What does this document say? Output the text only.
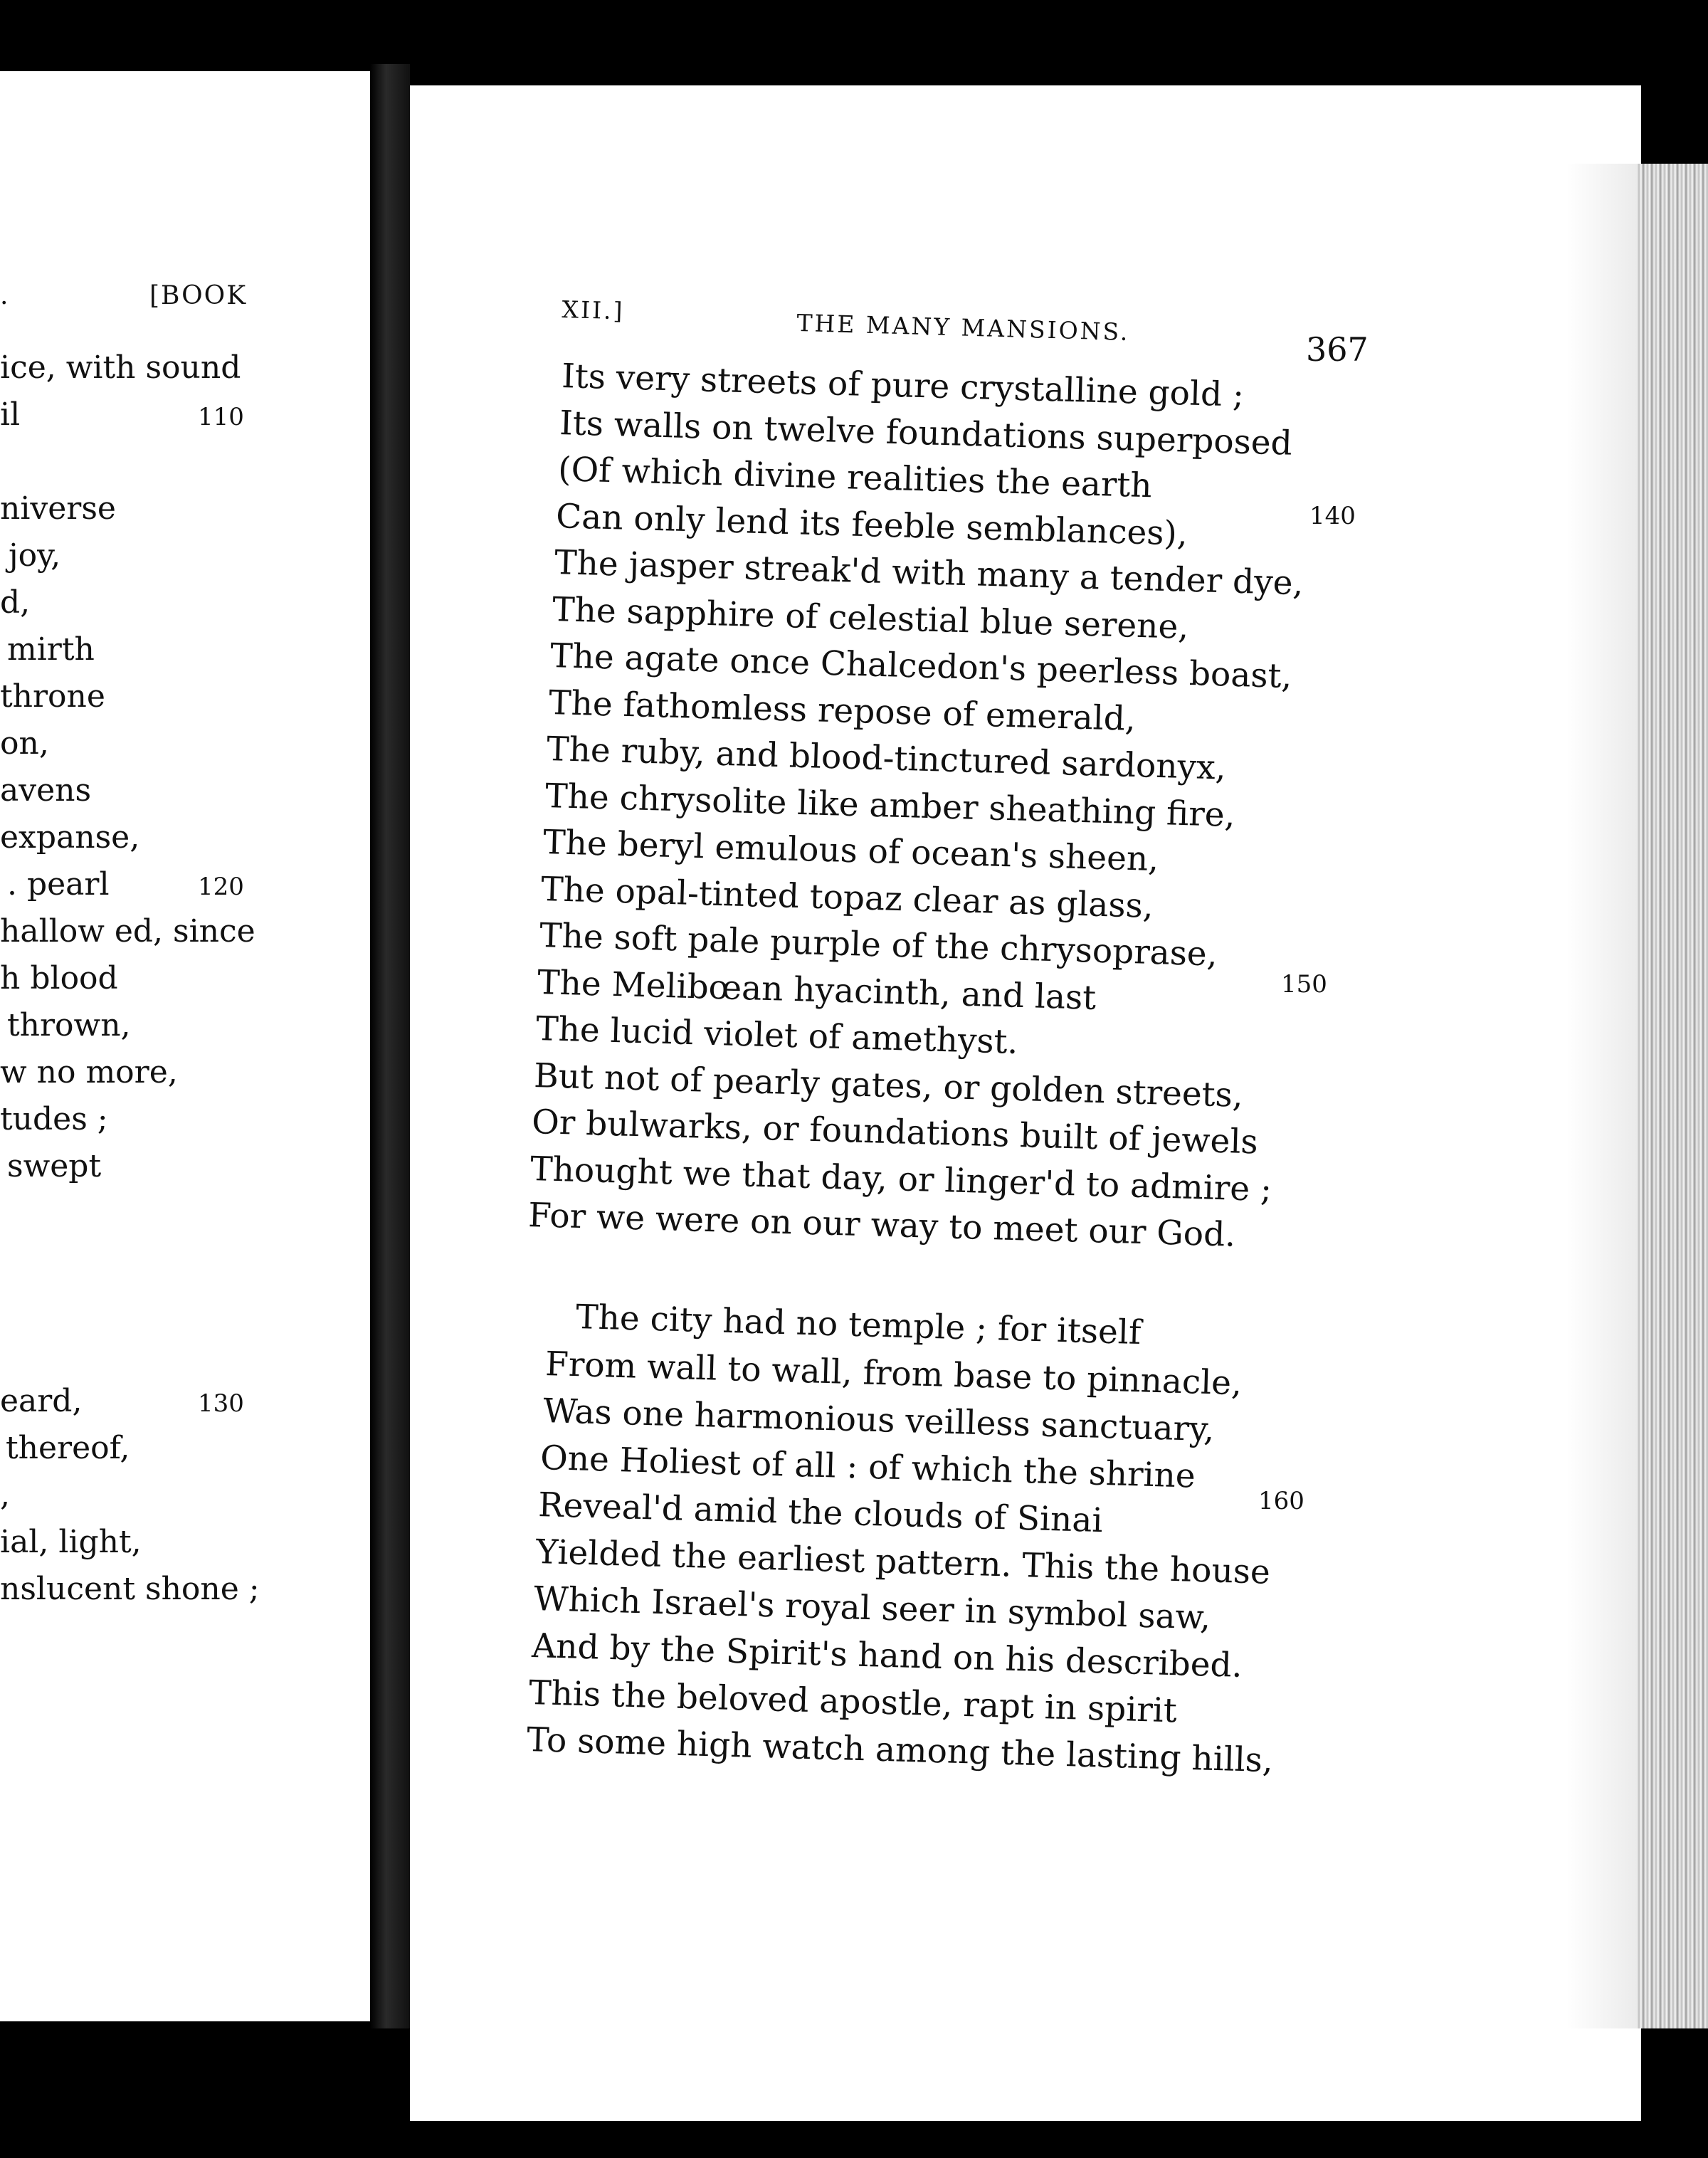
.	[BOOK
ice, with sound
il
niverse
joy,
d,
mirth
throne
on,
avens
expanse,
. pearl
hallow ed, since
h blood
thrown,
w no more,
tudes ;
swept
eard,
thereof,
,
ial, light,
nslucent shone ;
110
120
130
XII.]	THE MANY MANSIONS.
367
Its very streets of pure crystalline gold ;
Its walls on twelve foundations superposed
(Of which divine realities the earth
Can only lend its feeble semblances),
The jasper streak'd with many a tender dye,
The sapphire of celestial blue serene,
The agate once Chalcedon's peerless boast,
The fathomless repose of emerald,
The ruby, and blood-tinctured sardonyx,
The chrysolite like amber sheathing fire,
The beryl emulous of ocean's sheen,
The opal-tinted topaz clear as glass,
The soft pale purple of the chrysoprase,
The Melibœan hyacinth, and last
The lucid violet of amethyst.
But not of pearly gates, or golden streets,
Or bulwarks, or foundations built of jewels
Thought we that day, or linger'd to admire ;
For we were on our way to meet our God.
The city had no temple ; for itself
From wall to wall, from base to pinnacle,
Was one harmonious veilless sanctuary,
One Holiest of all : of which the shrine
Reveal'd amid the clouds of Sinai
Yielded the earliest pattern. This the house
Which Israel's royal seer in symbol saw,
And by the Spirit's hand on his described.
This the beloved apostle, rapt in spirit
To some high watch among the lasting hills,
140
150
160
